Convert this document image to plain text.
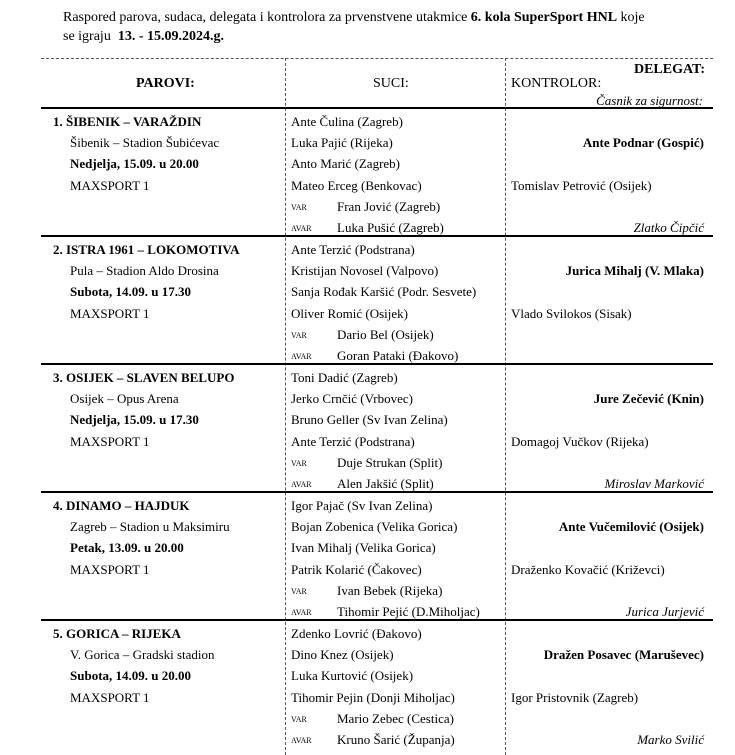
Raspored parova, sudaca, delegata i kontrolora za prvenstvene utakmice 6. kola SuperSport HNL koje
se igraju 13. - 15.09.2024.g.
DELEGAT:
PAROVI:	SUCI:	KONTROLOR:
Časnik za sigurnost:
1. ŠIBENIK – VARAŽDIN
Šibenik – Stadion Šubićevac
Nedjelja, 15.09. u 20.00
MAXSPORT 1
Ante Čulina (Zagreb)
Luka Pajić (Rijeka)
Anto Marić (Zagreb)
Mateo Erceg (Benkovac)
VAR Fran Jović (Zagreb)
AVAR Luka Pušić (Zagreb)
Ante Podnar (Gospić)
Tomislav Petrović (Osijek)
Zlatko Čipčić
2. ISTRA 1961 – LOKOMOTIVA
Pula – Stadion Aldo Drosina
Subota, 14.09. u 17.30
MAXSPORT 1
Ante Terzić (Podstrana)
Kristijan Novosel (Valpovo)
Sanja Rođak Karšić (Podr. Sesvete)
Oliver Romić (Osijek)
VAR Dario Bel (Osijek)
AVAR Goran Pataki (Đakovo)
Jurica Mihalj (V. Mlaka)
Vlado Svilokos (Sisak)
3. OSIJEK – SLAVEN BELUPO
Osijek – Opus Arena
Nedjelja, 15.09. u 17.30
MAXSPORT 1
Toni Dadić (Zagreb)
Jerko Crnčić (Vrbovec)
Bruno Geller (Sv Ivan Zelina)
Ante Terzić (Podstrana)
VAR Duje Strukan (Split)
AVAR Alen Jakšić (Split)
Jure Zečević (Knin)
Domagoj Vučkov (Rijeka)
Miroslav Marković
4. DINAMO – HAJDUK
Zagreb – Stadion u Maksimiru
Petak, 13.09. u 20.00
MAXSPORT 1
Igor Pajač (Sv Ivan Zelina)
Bojan Zobenica (Velika Gorica)
Ivan Mihalj (Velika Gorica)
Patrik Kolarić (Čakovec)
VAR Ivan Bebek (Rijeka)
AVAR Tihomir Pejić (D.Miholjac)
Ante Vučemilović (Osijek)
Draženko Kovačić (Križevci)
Jurica Jurjević
5. GORICA – RIJEKA
V. Gorica – Gradski stadion
Subota, 14.09. u 20.00
MAXSPORT 1
Zdenko Lovrić (Đakovo)
Dino Knez (Osijek)
Luka Kurtović (Osijek)
Tihomir Pejin (Donji Miholjac)
VAR Mario Zebec (Cestica)
AVAR Kruno Šarić (Županja)
Dražen Posavec (Maruševec)
Igor Pristovnik (Zagreb)
Marko Svilić
